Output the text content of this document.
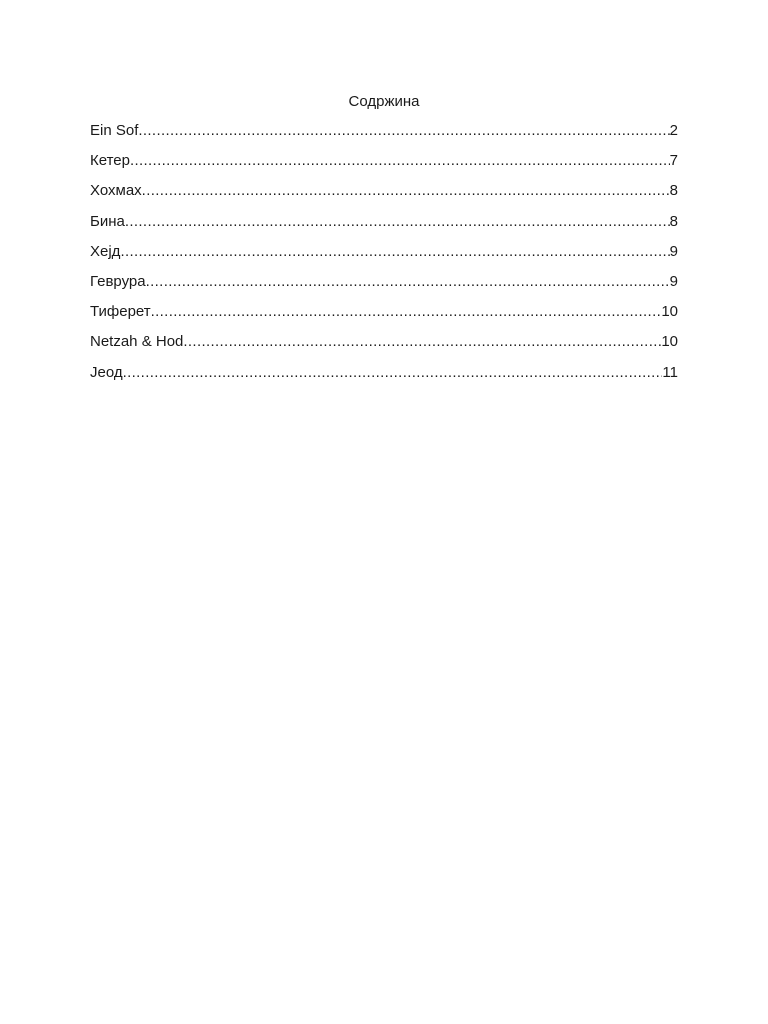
Содржина
Ein Sof .....	2
Кетер .....	7
Хохмах .....	8
Бина .....	8
Хејд .....	9
Геврура .....	9
Тиферет .....	10
Netzah & Hod .....	10
Јеод .....	11
